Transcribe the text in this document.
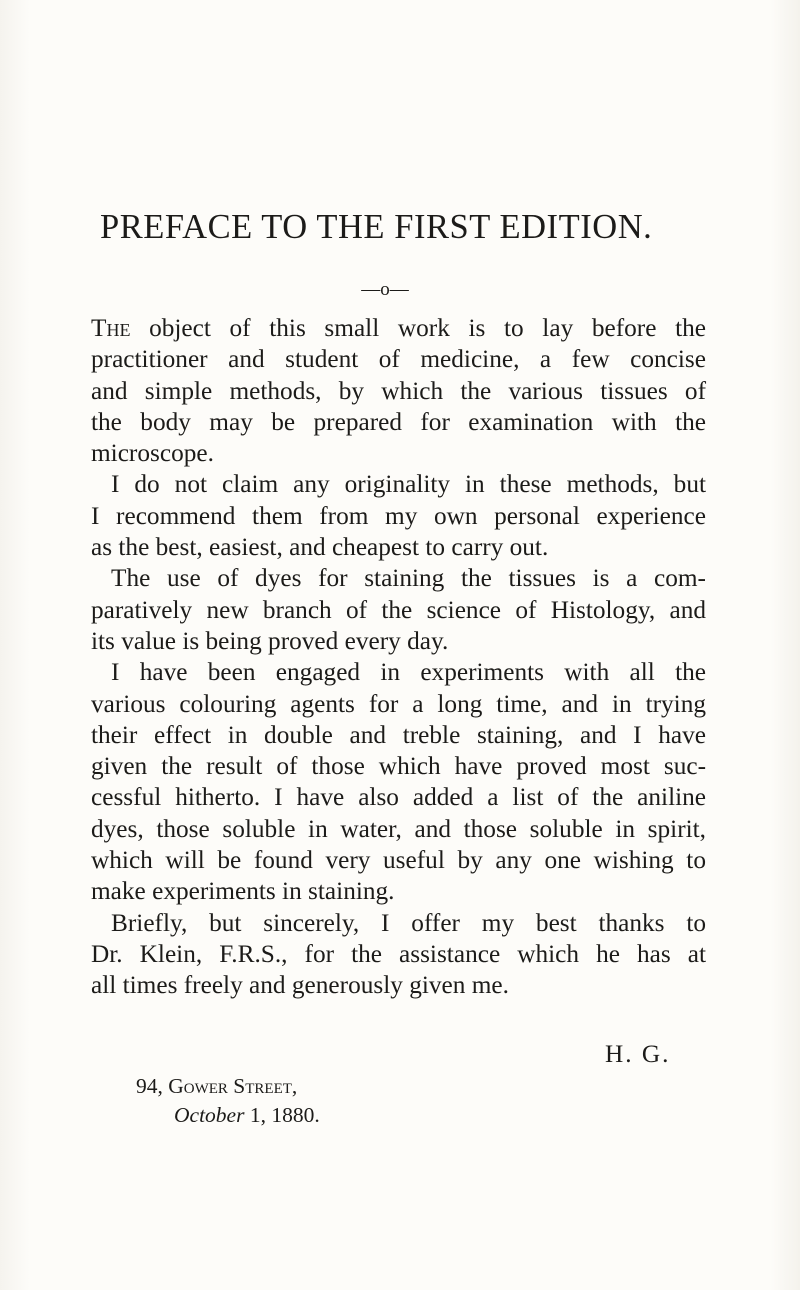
PREFACE TO THE FIRST EDITION.
—o—

The object of this small work is to lay before the
practitioner and student of medicine, a few concise
and simple methods, by which the various tissues of
the body may be prepared for examination with the
microscope.

I do not claim any originality in these methods, but
I recommend them from my own personal experience
as the best, easiest, and cheapest to carry out.

The use of dyes for staining the tissues is a com-
paratively new branch of the science of Histology, and
its value is being proved every day.

I have been engaged in experiments with all the
various colouring agents for a long time, and in trying
their effect in double and treble staining, and I have
given the result of those which have proved most suc-
cessful hitherto. I have also added a list of the aniline
dyes, those soluble in water, and those soluble in spirit,
which will be found very useful by any one wishing to
make experiments in staining.

Briefly, but sincerely, I offer my best thanks to
Dr. Klein, F.R.S., for the assistance which he has at
all times freely and generously given me.

H. G.
94, Gower Street,
October 1, 1880.
